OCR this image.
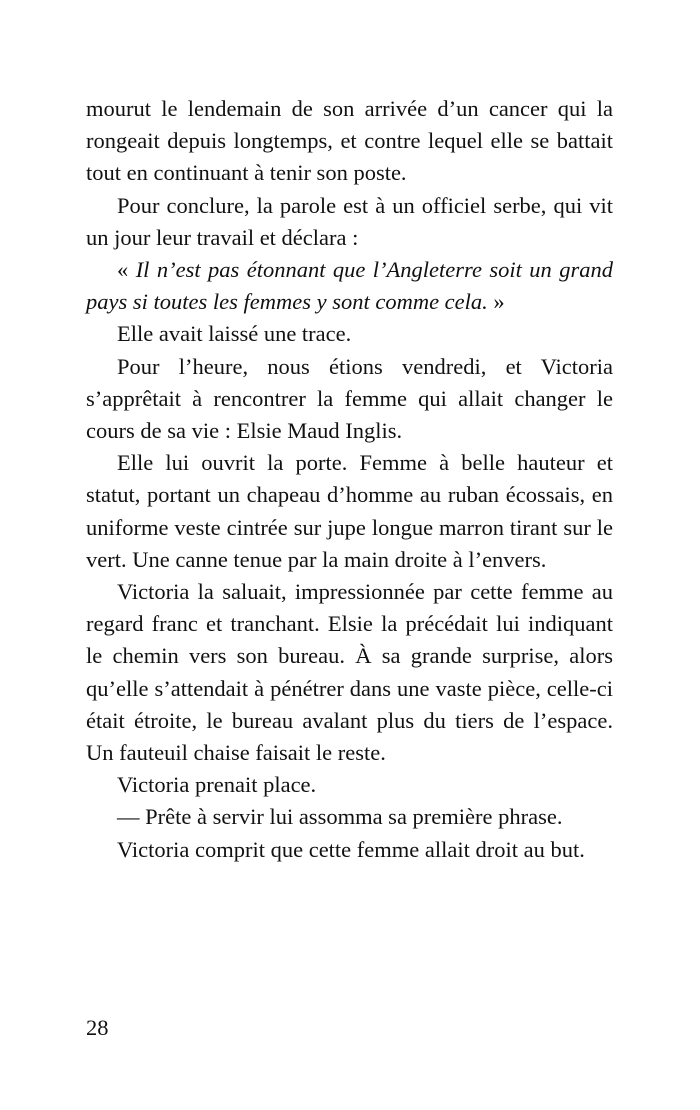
mourut le lendemain de son arrivée d’un cancer qui la rongeait depuis longtemps, et contre lequel elle se battait tout en continuant à tenir son poste.

Pour conclure, la parole est à un officiel serbe, qui vit un jour leur travail et déclara :

« Il n’est pas étonnant que l’Angleterre soit un grand pays si toutes les femmes y sont comme cela. »

Elle avait laissé une trace.

Pour l’heure, nous étions vendredi, et Victoria s’apprêtait à rencontrer la femme qui allait changer le cours de sa vie : Elsie Maud Inglis.

Elle lui ouvrit la porte. Femme à belle hauteur et statut, portant un chapeau d’homme au ruban écossais, en uniforme veste cintrée sur jupe longue marron tirant sur le vert. Une canne tenue par la main droite à l’envers.

Victoria la saluait, impressionnée par cette femme au regard franc et tranchant. Elsie la précédait lui indiquant le chemin vers son bureau. À sa grande surprise, alors qu’elle s’attendait à pénétrer dans une vaste pièce, celle-ci était étroite, le bureau avalant plus du tiers de l’espace. Un fauteuil chaise faisait le reste.

Victoria prenait place.

— Prête à servir lui assomma sa première phrase.

Victoria comprit que cette femme allait droit au but.

28
